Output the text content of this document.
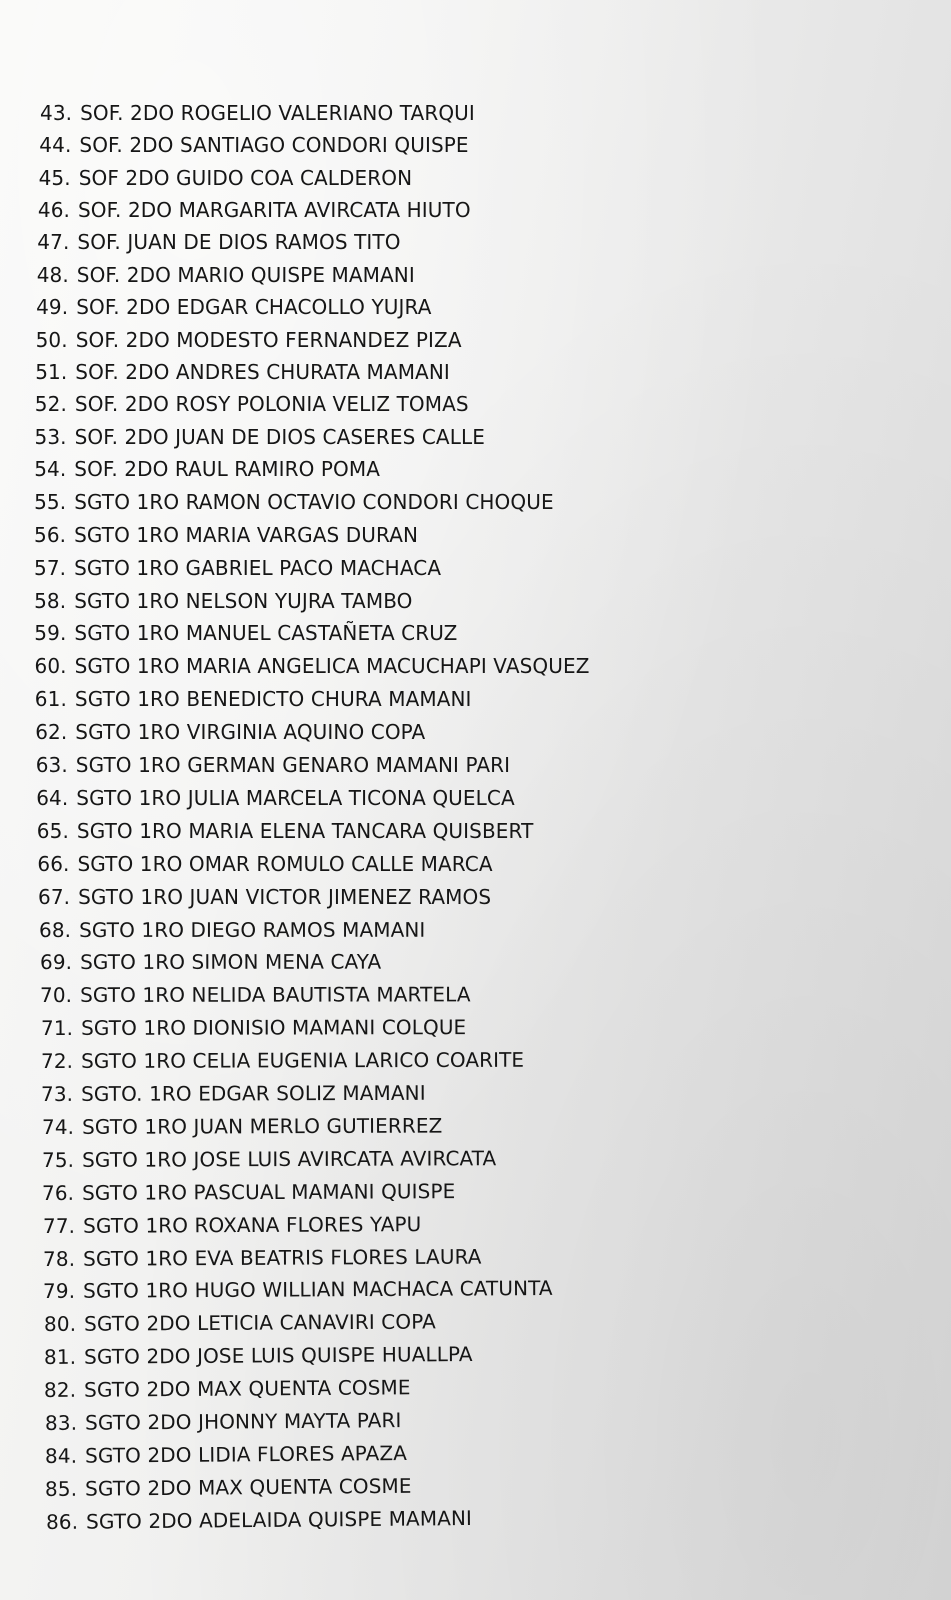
43. SOF. 2DO ROGELIO VALERIANO TARQUI
44. SOF. 2DO SANTIAGO CONDORI QUISPE
45. SOF 2DO GUIDO COA CALDERON
46. SOF. 2DO MARGARITA AVIRCATA HIUTO
47. SOF. JUAN DE DIOS RAMOS TITO
48. SOF. 2DO MARIO QUISPE MAMANI
49. SOF. 2DO EDGAR CHACOLLO YUJRA
50. SOF. 2DO MODESTO FERNANDEZ PIZA
51. SOF. 2DO ANDRES CHURATA MAMANI
52. SOF. 2DO ROSY POLONIA VELIZ TOMAS
53. SOF. 2DO JUAN DE DIOS CASERES CALLE
54. SOF. 2DO RAUL RAMIRO POMA
55. SGTO 1RO RAMON OCTAVIO CONDORI CHOQUE
56. SGTO 1RO MARIA VARGAS DURAN
57. SGTO 1RO GABRIEL PACO MACHACA
58. SGTO 1RO NELSON YUJRA TAMBO
59. SGTO 1RO MANUEL CASTAÑETA CRUZ
60. SGTO 1RO MARIA ANGELICA MACUCHAPI VASQUEZ
61. SGTO 1RO BENEDICTO CHURA MAMANI
62. SGTO 1RO VIRGINIA AQUINO COPA
63. SGTO 1RO GERMAN GENARO MAMANI PARI
64. SGTO 1RO JULIA MARCELA TICONA QUELCA
65. SGTO 1RO MARIA ELENA TANCARA QUISBERT
66. SGTO 1RO OMAR ROMULO CALLE MARCA
67. SGTO 1RO JUAN VICTOR JIMENEZ RAMOS
68. SGTO 1RO DIEGO RAMOS MAMANI
69. SGTO 1RO SIMON MENA CAYA
70. SGTO 1RO NELIDA BAUTISTA MARTELA
71. SGTO 1RO DIONISIO MAMANI COLQUE
72. SGTO 1RO CELIA EUGENIA LARICO COARITE
73. SGTO. 1RO EDGAR SOLIZ MAMANI
74. SGTO 1RO JUAN MERLO GUTIERREZ
75. SGTO 1RO JOSE LUIS AVIRCATA AVIRCATA
76. SGTO 1RO PASCUAL MAMANI QUISPE
77. SGTO 1RO ROXANA FLORES YAPU
78. SGTO 1RO EVA BEATRIS FLORES LAURA
79. SGTO 1RO HUGO WILLIAN MACHACA CATUNTA
80. SGTO 2DO LETICIA CANAVIRI COPA
81. SGTO 2DO JOSE LUIS QUISPE HUALLPA
82. SGTO 2DO MAX QUENTA COSME
83. SGTO 2DO JHONNY MAYTA PARI
84. SGTO 2DO LIDIA FLORES APAZA
85. SGTO 2DO MAX QUENTA COSME
86. SGTO 2DO ADELAIDA QUISPE MAMANI
